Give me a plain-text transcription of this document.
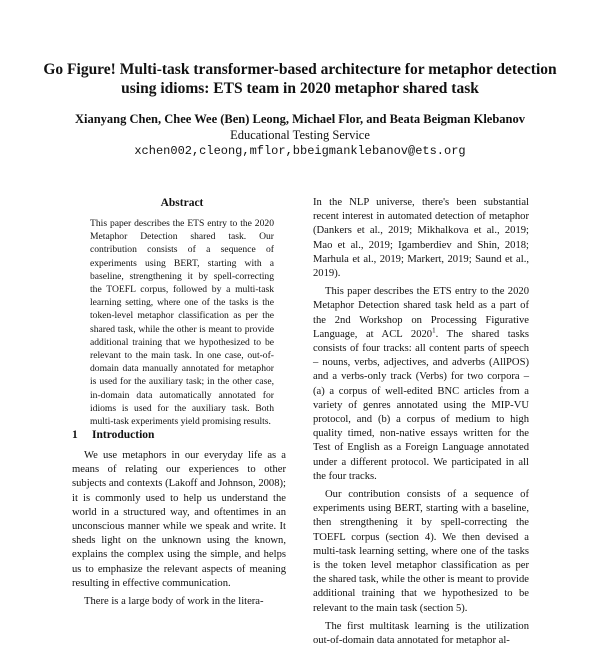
Go Figure! Multi-task transformer-based architecture for metaphor detection using idioms: ETS team in 2020 metaphor shared task
Xianyang Chen, Chee Wee (Ben) Leong, Michael Flor, and Beata Beigman Klebanov
Educational Testing Service
xchen002,cleong,mflor,bbeigmanklebanov@ets.org
Abstract
This paper describes the ETS entry to the 2020 Metaphor Detection shared task. Our contribution consists of a sequence of experiments using BERT, starting with a baseline, strengthening it by spell-correcting the TOEFL corpus, followed by a multi-task learning setting, where one of the tasks is the token-level metaphor classification as per the shared task, while the other is meant to provide additional training that we hypothesized to be relevant to the main task. In one case, out-of-domain data manually annotated for metaphor is used for the auxiliary task; in the other case, in-domain data automatically annotated for idioms is used for the auxiliary task. Both multi-task experiments yield promising results.
1 Introduction

We use metaphors in our everyday life as a means of relating our experiences to other subjects and contexts (Lakoff and Johnson, 2008); it is commonly used to help us understand the world in a structured way, and oftentimes in an unconscious manner while we speak and write. It sheds light on the unknown using the known, explains the complex using the simple, and helps us to emphasize the relevant aspects of meaning resulting in effective communication.

There is a large body of work in the litera-

In the NLP universe, there's been substantial recent interest in automated detection of metaphor (Dankers et al., 2019; Mikhalkova et al., 2019; Mao et al., 2019; Igamberdiev and Shin, 2018; Marhula et al., 2019; Markert, 2019; Saund et al., 2019).

This paper describes the ETS entry to the 2020 Metaphor Detection shared task held as a part of the 2nd Workshop on Processing Figurative Language, at ACL 2020$^1$. The shared tasks consists of four tracks: all content parts of speech – nouns, verbs, adjectives, and adverbs (AllPOS) and a verbs-only track (Verbs) for two corpora – (a) a corpus of well-edited BNC articles from a variety of genres annotated using the MIP-VU protocol, and (b) a corpus of medium to high quality timed, non-native essays written for the Test of English as a Foreign Language annotated under a different protocol. We participated in all the four tracks.

Our contribution consists of a sequence of experiments using BERT, starting with a baseline, then strengthening it by spell-correcting the TOEFL corpus (section 4). We then devised a multi-task learning setting, where one of the tasks is the token level metaphor classification as per the shared task, while the other is meant to provide additional training that we hypothesized to be relevant to the main task (section 5).

The first multitask learning is the utilization out-of-domain data annotated for metaphor al-
